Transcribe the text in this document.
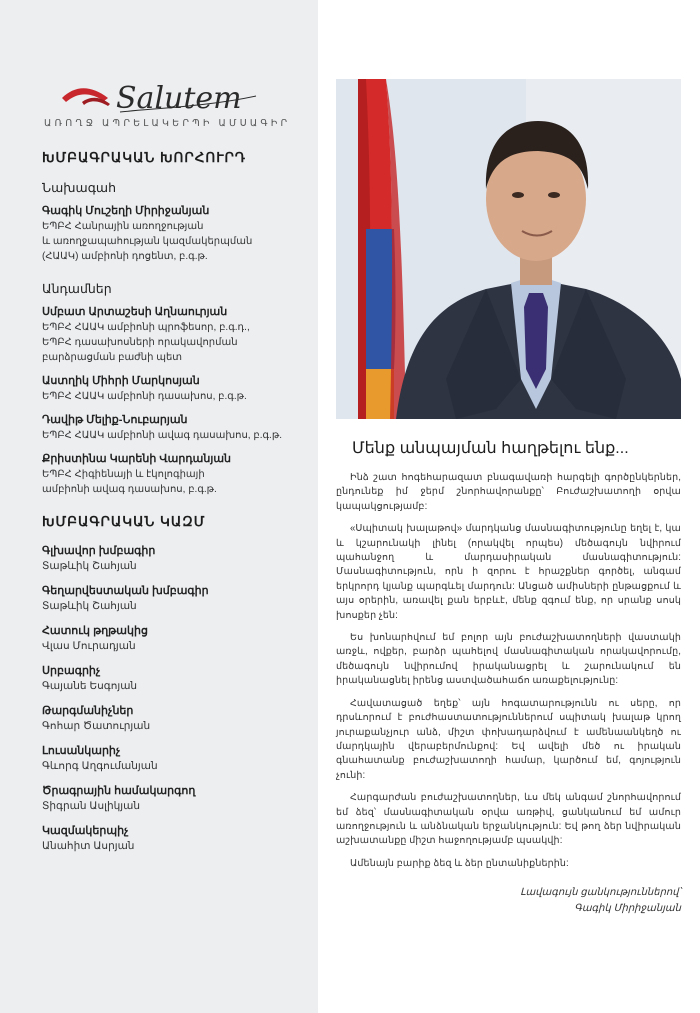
Salutem
ԱՌՈՂՋ ԱՊՐԵԼԱԿԵՐՊԻ ԱՄՍԱԳԻՐ
ԽՄԲԱԳՐԱԿԱՆ ԽՈՐՀՈՒՐԴ
Նախագահ
Գագիկ Մուշեղի Միրիջանյան
ԵՊԲՀ Հանրային առողջության
և առողջապահության կազմակերպման
(ՀԱԱԿ) ամբիոնի դոցենտ, բ.գ.թ.
Անդամներ
Սմբատ Արտաշեսի Աղնաուրյան
ԵՊԲՀ ՀԱԱԿ ամբիոնի պրոֆեսոր, բ.գ.դ.,
ԵՊԲՀ դասախոսների որակավորման
բարձրացման բաժնի պետ
Աստղիկ Միհրի Մարկոսյան
ԵՊԲՀ ՀԱԱԿ ամբիոնի դասախոս, բ.գ.թ.
Դավիթ Մելիք-Նուբարյան
ԵՊԲՀ ՀԱԱԿ ամբիոնի ավագ դասախոս, բ.գ.թ.
Քրիստինա Կարենի Վարդանյան
ԵՊԲՀ Հիգիենայի և էկոլոգիայի
ամբիոնի ավագ դասախոս, բ.գ.թ.
ԽՄԲԱԳՐԱԿԱՆ ԿԱԶՄ
Գլխավոր խմբագիր
Տաթևիկ Շահյան
Գեղարվեստական խմբագիր
Տաթևիկ Շահյան
Հատուկ թղթակից
Վլաս Մուրադյան
Սրբագրիչ
Գայանե Եսգոյան
Թարգմանիչներ
Գոհար Ծատուրյան
Լուսանկարիչ
Գևորգ Աղգումանյան
Ծրագրային համակարգող
Տիգրան Ասլիկյան
Կազմակերպիչ
Անահիտ Ասրյան
Մենք անպայման հաղթելու ենք...

Ինձ շատ հոգեհարազատ բնագավառի հարգելի գործընկերներ, ընդունեք իմ ջերմ շնորհավորանքը՝ Բուժաշխատողի օրվա կապակցությամբ:

«Սպիտակ խալաթով» մարդկանց մասնագիտությունը եղել է, կա և կշարունակի լինել (որակվել որպես) մեծագույն նվիրում պահանջող և մարդասիրական մասնագիտություն: Մասնագիտություն, որն ի զորու է հրաշքներ գործել, անգամ երկրորդ կյանք պարգևել մարդուն: Անցած ամիսների ընթացքում և այս օրերին, առավել քան երբևէ, մենք զգում ենք, որ սրանք սոսկ խոսքեր չեն:

Ես խոնարհվում եմ բոլոր այն բուժաշխատողների վաստակի առջև, ովքեր, բարձր պահելով մասնագիտական որակավորումը, մեծագույն նվիրումով իրականացրել և շարունակում են իրականացնել իրենց աստվածահաճո առաքելությունը:

Հավատացած եղեք՝ այն հոգատարությունն ու սերը, որ դրսևորում է բուժհաստատություններում սպիտակ խալաթ կրող յուրաքանչյուր անձ, միշտ փոխադարձվում է ամենաանկեղծ ու մարդկային վերաբերմունքով: Եվ ավելի մեծ ու իրական գնահատանք բուժաշխատողի համար, կարծում եմ, գոյություն չունի:

Հարգարժան բուժաշխատողներ, ևս մեկ անգամ շնորհավորում եմ ձեզ՝ մասնագիտական օրվա առթիվ, ցանկանում եմ ամուր առողջություն և անձնական երջանկություն: Եվ թող ձեր նվիրական աշխատանքը միշտ հաջողությամբ պսակվի:

Ամենայն բարիք ձեզ և ձեր ընտանիքներին:

Լավագույն ցանկություններով՝
Գագիկ Միրիջանյան
